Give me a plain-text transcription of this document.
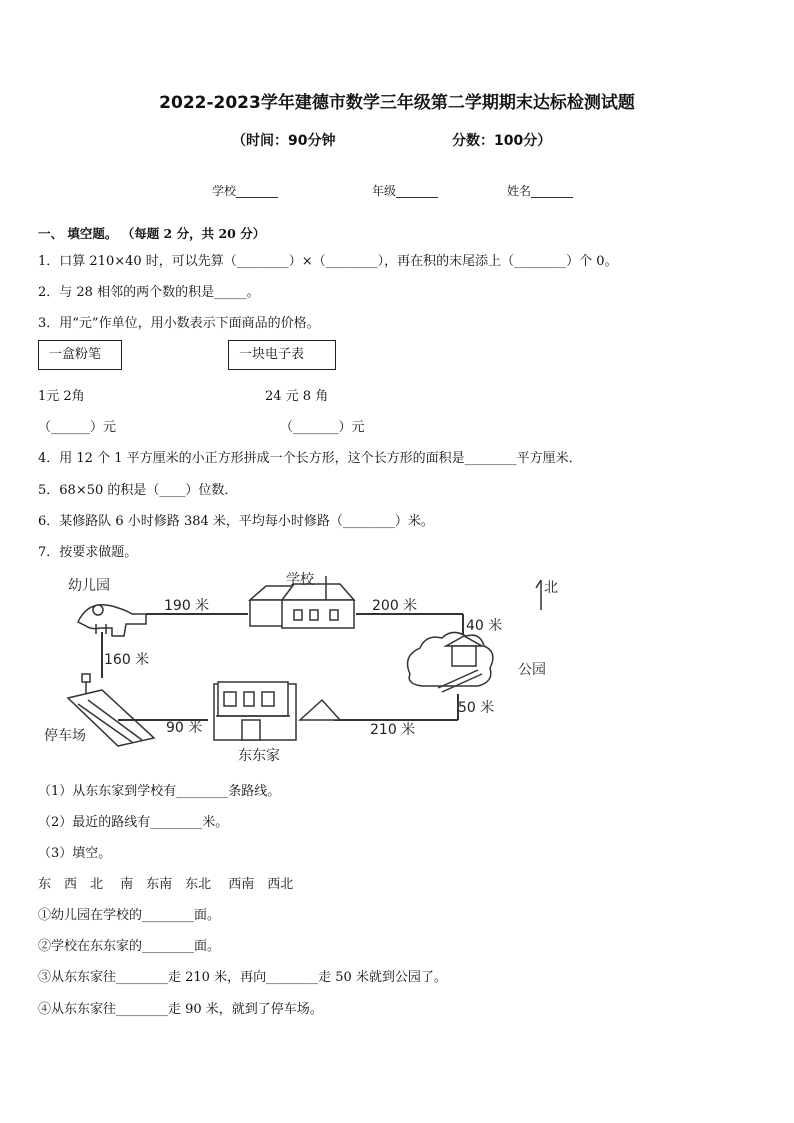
2022-2023学年建德市数学三年级第二学期期末达标检测试题
（时间：90分钟	分数：100分）
学校_______	年级_______	姓名_______
一、 填空题。 （每题 2 分，共 20 分）
1．口算 210×40 时，可以先算（________）×（________），再在积的末尾添上（________）个 0。
2．与 28 相邻的两个数的积是_____。
3．用“元”作单位，用小数表示下面商品的价格。
一盒粉笔	一块电子表
1元 2角	24 元 8 角
（______）元	（_______）元
4．用 12 个 1 平方厘米的小正方形拼成一个长方形，这个长方形的面积是________平方厘米．
5．68×50 的积是（____）位数．
6．某修路队 6 小时修路 384 米，平均每小时修路（________）米。
7．按要求做题。
幼儿园	学校	北
公园
停车场
东东家
190 米	200 米
40 米
160 米
90 米	210 米
50 米
（1）从东东家到学校有________条路线。
（2）最近的路线有________米。
（3）填空。
东　西　北　 南　东南　东北　 西南　西北
①幼儿园在学校的________面。
②学校在东东家的________面。
③从东东家往________走 210 米，再向________走 50 米就到公园了。
④从东东家往________走 90 米，就到了停车场。
